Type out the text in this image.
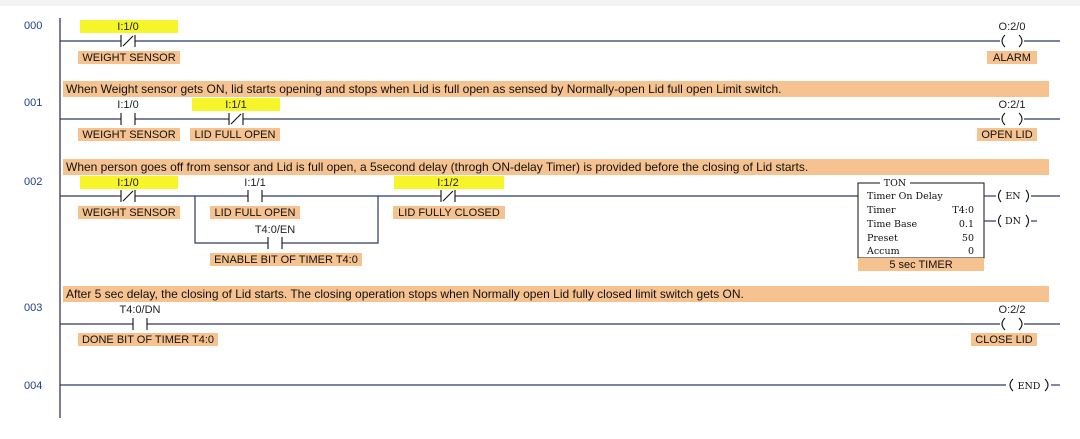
000
001
002
003
004
I:1/0
WEIGHT SENSOR
O:2/0
ALARM
When Weight sensor gets ON, lid starts opening and stops when Lid is full open as sensed by Normally-open Lid full open Limit switch.
I:1/0
WEIGHT SENSOR
I:1/1
LID FULL OPEN
O:2/1
OPEN LID
When person goes off from sensor and Lid is full open, a 5second delay (throgh ON-delay Timer) is provided before the closing of Lid starts.
I:1/0
WEIGHT SENSOR
I:1/1
LID FULL OPEN
T4:0/EN
ENABLE BIT OF TIMER T4:0
I:1/2
LID FULLY CLOSED
TON
Timer On Delay
Timer	T4:0
Time Base	0.1
Preset	50
Accum	0
5 sec TIMER
EN
DN
After 5 sec delay, the closing of Lid starts. The closing operation stops when Normally open Lid fully closed limit switch gets ON.
T4:0/DN
DONE BIT OF TIMER T4:0
O:2/2
CLOSE LID
END
